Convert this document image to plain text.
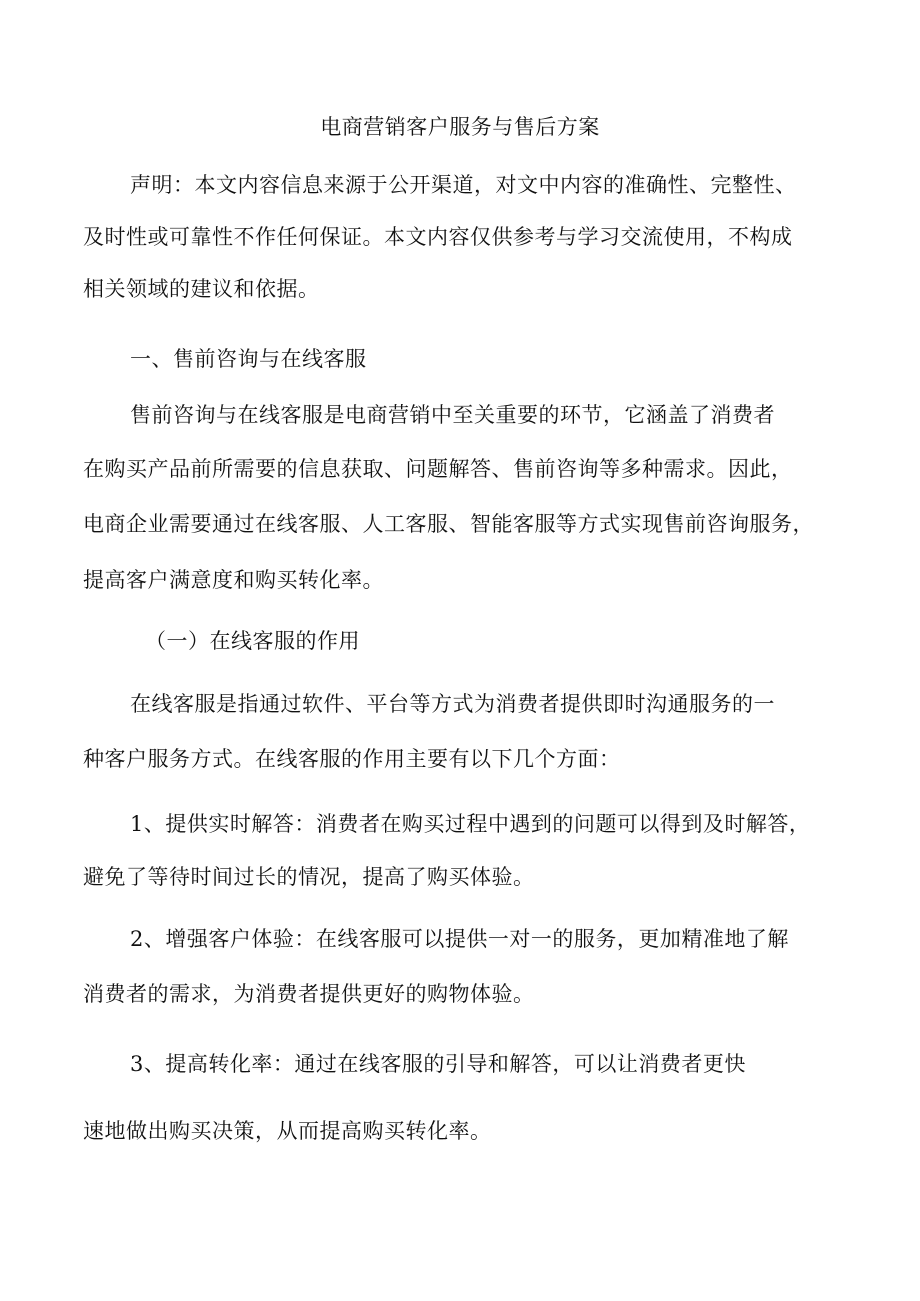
电商营销客户服务与售后方案
声明：本文内容信息来源于公开渠道，对文中内容的准确性、完整性、
及时性或可靠性不作任何保证。本文内容仅供参考与学习交流使用，不构成
相关领域的建议和依据。
一、售前咨询与在线客服
售前咨询与在线客服是电商营销中至关重要的环节，它涵盖了消费者
在购买产品前所需要的信息获取、问题解答、售前咨询等多种需求。因此，
电商企业需要通过在线客服、人工客服、智能客服等方式实现售前咨询服务，
提高客户满意度和购买转化率。
（一）在线客服的作用
在线客服是指通过软件、平台等方式为消费者提供即时沟通服务的一
种客户服务方式。在线客服的作用主要有以下几个方面：
1、提供实时解答：消费者在购买过程中遇到的问题可以得到及时解答，
避免了等待时间过长的情况，提高了购买体验。
2、增强客户体验：在线客服可以提供一对一的服务，更加精准地了解
消费者的需求，为消费者提供更好的购物体验。
3、提高转化率：通过在线客服的引导和解答，可以让消费者更快
速地做出购买决策，从而提高购买转化率。
